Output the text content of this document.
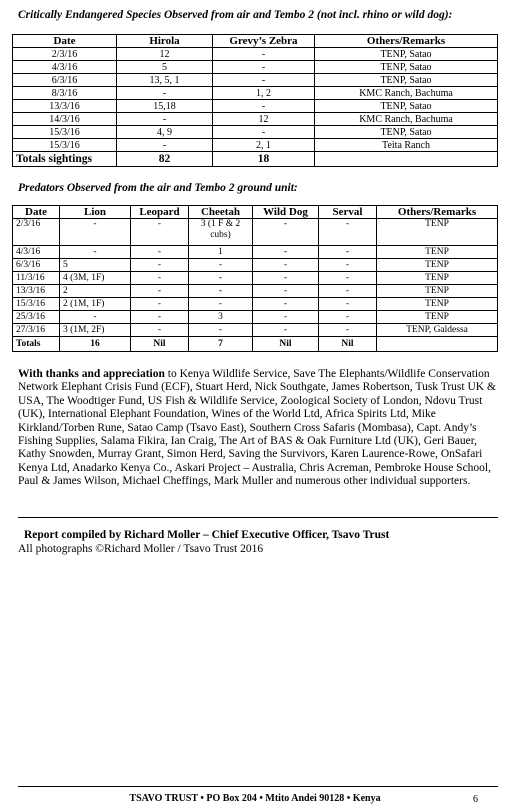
Critically Endangered Species Observed from air and Tembo 2 (not incl. rhino or wild dog):
Date	Hirola	Grevy’s Zebra	Others/Remarks
2/3/16	12	-	TENP, Satao
4/3/16	5	-	TENP, Satao
6/3/16	13, 5, 1	-	TENP, Satao
8/3/16	-	1, 2	KMC Ranch, Bachuma
13/3/16	15,18	-	TENP, Satao
14/3/16	-	12	KMC Ranch, Bachuma
15/3/16	4, 9	-	TENP, Satao
15/3/16	-	2, 1	Teita Ranch
Totals sightings	82	18	
Predators Observed from the air and Tembo 2 ground unit:
Date	Lion	Leopard	Cheetah	Wild Dog	Serval	Others/Remarks
2/3/16	-	-	3 (1 F & 2 cubs)	-	-	TENP
4/3/16	-	-	1	-	-	TENP
6/3/16	5	-	-	-	-	TENP
11/3/16	4 (3M, 1F)	-	-	-	-	TENP
13/3/16	2	-	-	-	-	TENP
15/3/16	2 (1M, 1F)	-	-	-	-	TENP
25/3/16	-	-	3	-	-	TENP
27/3/16	3 (1M, 2F)	-	-	-	-	TENP, Galdessa
Totals	16	Nil	7	Nil	Nil	
With thanks and appreciation to Kenya Wildlife Service, Save The Elephants/Wildlife Conservation Network Elephant Crisis Fund (ECF), Stuart Herd, Nick Southgate, James Robertson, Tusk Trust UK & USA, The Woodtiger Fund, US Fish & Wildlife Service, Zoological Society of London, Ndovu Trust (UK), International Elephant Foundation, Wines of the World Ltd, Africa Spirits Ltd, Mike Kirkland/Torben Rune, Satao Camp (Tsavo East), Southern Cross Safaris (Mombasa), Capt. Andy’s Fishing Supplies, Salama Fikira, Ian Craig, The Art of BAS & Oak Furniture Ltd (UK), Geri Bauer, Kathy Snowden, Murray Grant, Simon Herd, Saving the Survivors, Karen Laurence-Rowe, OnSafari Kenya Ltd, Anadarko Kenya Co., Askari Project – Australia, Chris Acreman, Pembroke House School, Paul & James Wilson, Michael Cheffings, Mark Muller and numerous other individual supporters.
Report compiled by Richard Moller – Chief Executive Officer, Tsavo Trust
All photographs ©Richard Moller / Tsavo Trust 2016
TSAVO TRUST • PO Box 204 • Mtito Andei 90128 • Kenya	6
